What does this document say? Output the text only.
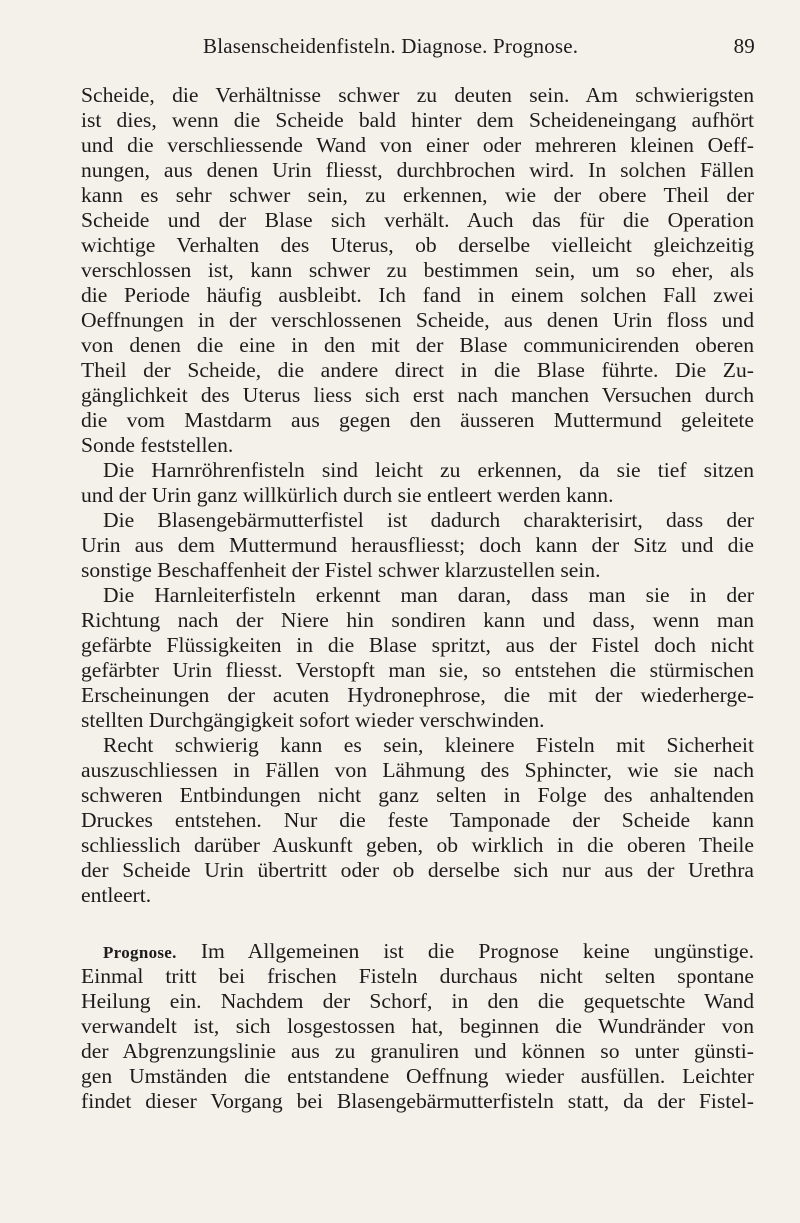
Blasenscheidenfisteln. Diagnose. Prognose.	89
Scheide, die Verhältnisse schwer zu deuten sein. Am schwierigsten
ist dies, wenn die Scheide bald hinter dem Scheideneingang aufhört
und die verschliessende Wand von einer oder mehreren kleinen Oeff-
nungen, aus denen Urin fliesst, durchbrochen wird. In solchen Fällen
kann es sehr schwer sein, zu erkennen, wie der obere Theil der
Scheide und der Blase sich verhält. Auch das für die Operation
wichtige Verhalten des Uterus, ob derselbe vielleicht gleichzeitig
verschlossen ist, kann schwer zu bestimmen sein, um so eher, als
die Periode häufig ausbleibt. Ich fand in einem solchen Fall zwei
Oeffnungen in der verschlossenen Scheide, aus denen Urin floss und
von denen die eine in den mit der Blase communicirenden oberen
Theil der Scheide, die andere direct in die Blase führte. Die Zu-
gänglichkeit des Uterus liess sich erst nach manchen Versuchen durch
die vom Mastdarm aus gegen den äusseren Muttermund geleitete
Sonde feststellen.
Die Harnröhrenfisteln sind leicht zu erkennen, da sie tief sitzen
und der Urin ganz willkürlich durch sie entleert werden kann.
Die Blasengebärmutterfistel ist dadurch charakterisirt, dass der
Urin aus dem Muttermund herausfliesst; doch kann der Sitz und die
sonstige Beschaffenheit der Fistel schwer klarzustellen sein.
Die Harnleiterfisteln erkennt man daran, dass man sie in der
Richtung nach der Niere hin sondiren kann und dass, wenn man
gefärbte Flüssigkeiten in die Blase spritzt, aus der Fistel doch nicht
gefärbter Urin fliesst. Verstopft man sie, so entstehen die stürmischen
Erscheinungen der acuten Hydronephrose, die mit der wiederherge-
stellten Durchgängigkeit sofort wieder verschwinden.
Recht schwierig kann es sein, kleinere Fisteln mit Sicherheit
auszuschliessen in Fällen von Lähmung des Sphincter, wie sie nach
schweren Entbindungen nicht ganz selten in Folge des anhaltenden
Druckes entstehen. Nur die feste Tamponade der Scheide kann
schliesslich darüber Auskunft geben, ob wirklich in die oberen Theile
der Scheide Urin übertritt oder ob derselbe sich nur aus der Urethra
entleert.
Prognose. Im Allgemeinen ist die Prognose keine ungünstige.
Einmal tritt bei frischen Fisteln durchaus nicht selten spontane
Heilung ein. Nachdem der Schorf, in den die gequetschte Wand
verwandelt ist, sich losgestossen hat, beginnen die Wundränder von
der Abgrenzungslinie aus zu granuliren und können so unter günsti-
gen Umständen die entstandene Oeffnung wieder ausfüllen. Leichter
findet dieser Vorgang bei Blasengebärmutterfisteln statt, da der Fistel-
